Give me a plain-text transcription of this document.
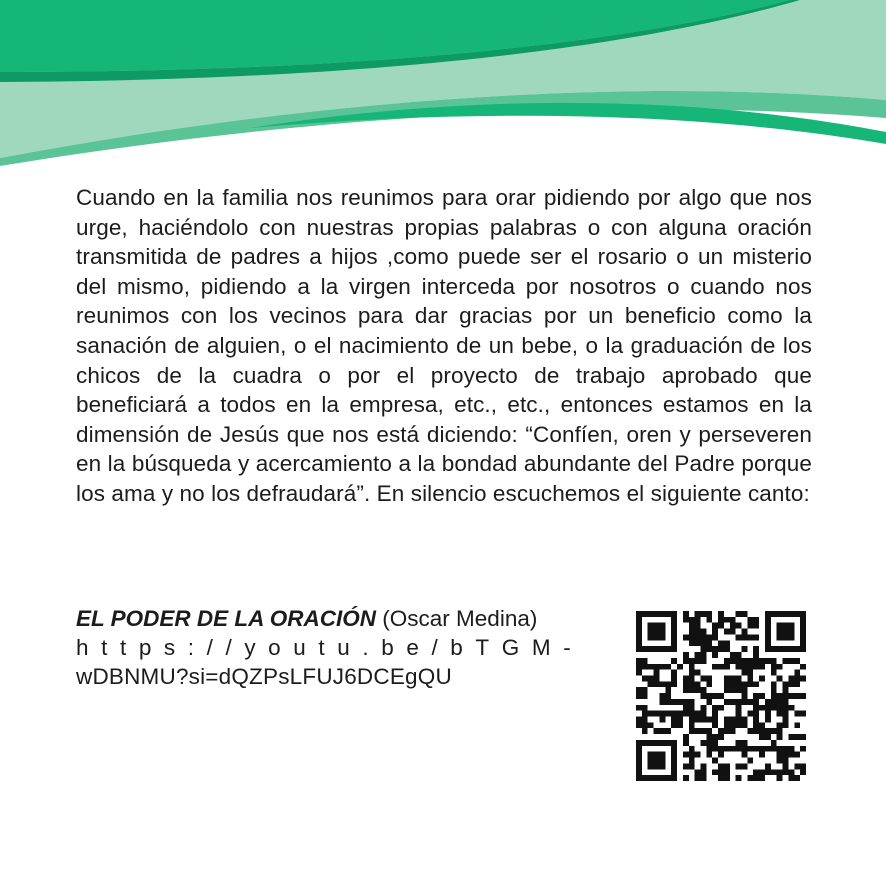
Cuando en la familia nos reunimos para orar pidiendo por algo que nos urge, haciéndolo con nuestras propias palabras o con alguna oración transmitida de padres a hijos ,como puede ser el rosario o un misterio del mismo, pidiendo a la virgen interceda por nosotros o cuando nos reunimos con los vecinos para dar gracias por un beneficio como la sanación de alguien, o el nacimiento de un bebe, o la graduación de los chicos de la cuadra o por el proyecto de trabajo aprobado que beneficiará a todos en la empresa, etc., etc., entonces estamos en la dimensión de Jesús que nos está diciendo: “Confíen, oren y perseveren en la búsqueda y acercamiento a la bondad abundante del Padre porque los ama y no los defraudará”. En silencio escuchemos el siguiente canto:

EL PODER DE LA ORACIÓN (Oscar Medina)

https://youtu.be/bTGM-

wDBNMU?si=dQZPsLFUJ6DCEgQU
